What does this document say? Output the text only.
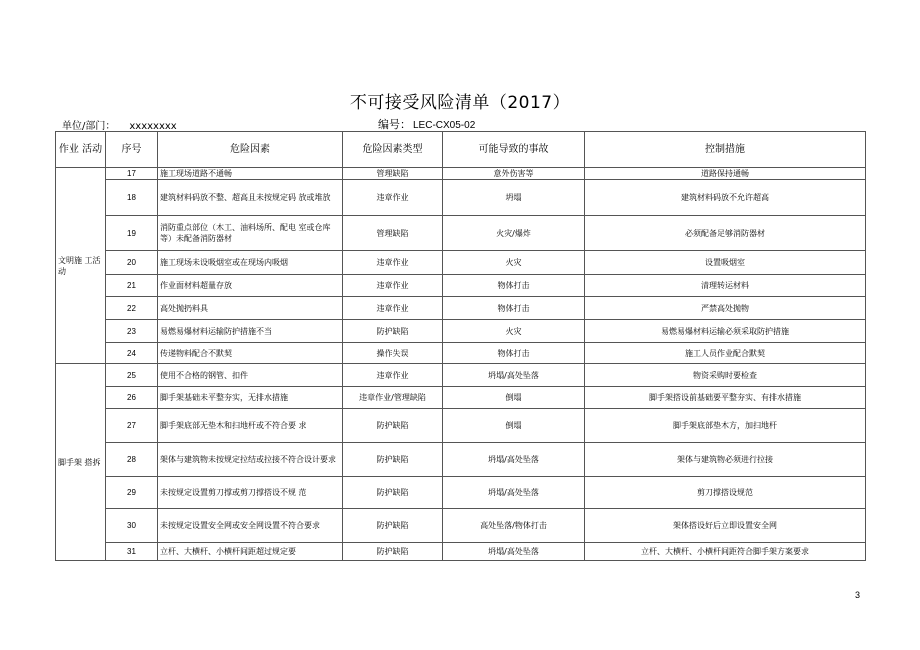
不可接受风险清单（2017）
单位/部门： xxxxxxxx	编号： LEC-CX05-02
作业 活动	序号	危险因素	危险因素类型	可能导致的事故	控制措施
文明施 工活动	17	施工现场道路不通畅	管理缺陷	意外伤害等	道路保持通畅
	18	建筑材料码放不整、超高且未按规定码 放或堆放	违章作业	坍塌	建筑材料码放不允许超高
	19	消防重点部位（木工、油料场所、配电 室或仓库等）未配备消防器材	管理缺陷	火灾/爆炸	必须配备足够消防器材
	20	施工现场未设吸烟室或在现场内吸烟	违章作业	火灾	设置吸烟室
	21	作业面材料超量存放	违章作业	物体打击	清理转运材料
	22	高处抛扔料具	违章作业	物体打击	严禁高处抛物
	23	易燃易爆材料运输防护措施不当	防护缺陷	火灾	易燃易爆材料运输必须采取防护措施
	24	传递物料配合不默契	操作失误	物体打击	施工人员作业配合默契
脚手架 搭拆	25	使用不合格的钢管、扣件	违章作业	坍塌/高处坠落	物资采购时要检查
	26	脚手架基础未平整夯实，无排水措施	违章作业/管理缺陷	倒塌	脚手架搭设前基础要平整夯实、有排水措施
	27	脚手架底部无垫木和扫地杆或不符合要 求	防护缺陷	倒塌	脚手架底部垫木方，加扫地杆
	28	架体与建筑物未按规定拉结或拉接不符合设计要求	防护缺陷	坍塌/高处坠落	架体与建筑物必须进行拉接
	29	未按规定设置剪刀撑或剪刀撑搭设不规 范	防护缺陷	坍塌/高处坠落	剪刀撑搭设规范
	30	未按规定设置安全网或安全网设置不符合要求	防护缺陷	高处坠落/物体打击	架体搭设好后立即设置安全网
	31	立杆、大横杆、小横杆间距超过规定要	防护缺陷	坍塌/高处坠落	立杆、大横杆、小横杆间距符合脚手架方案要求
3
